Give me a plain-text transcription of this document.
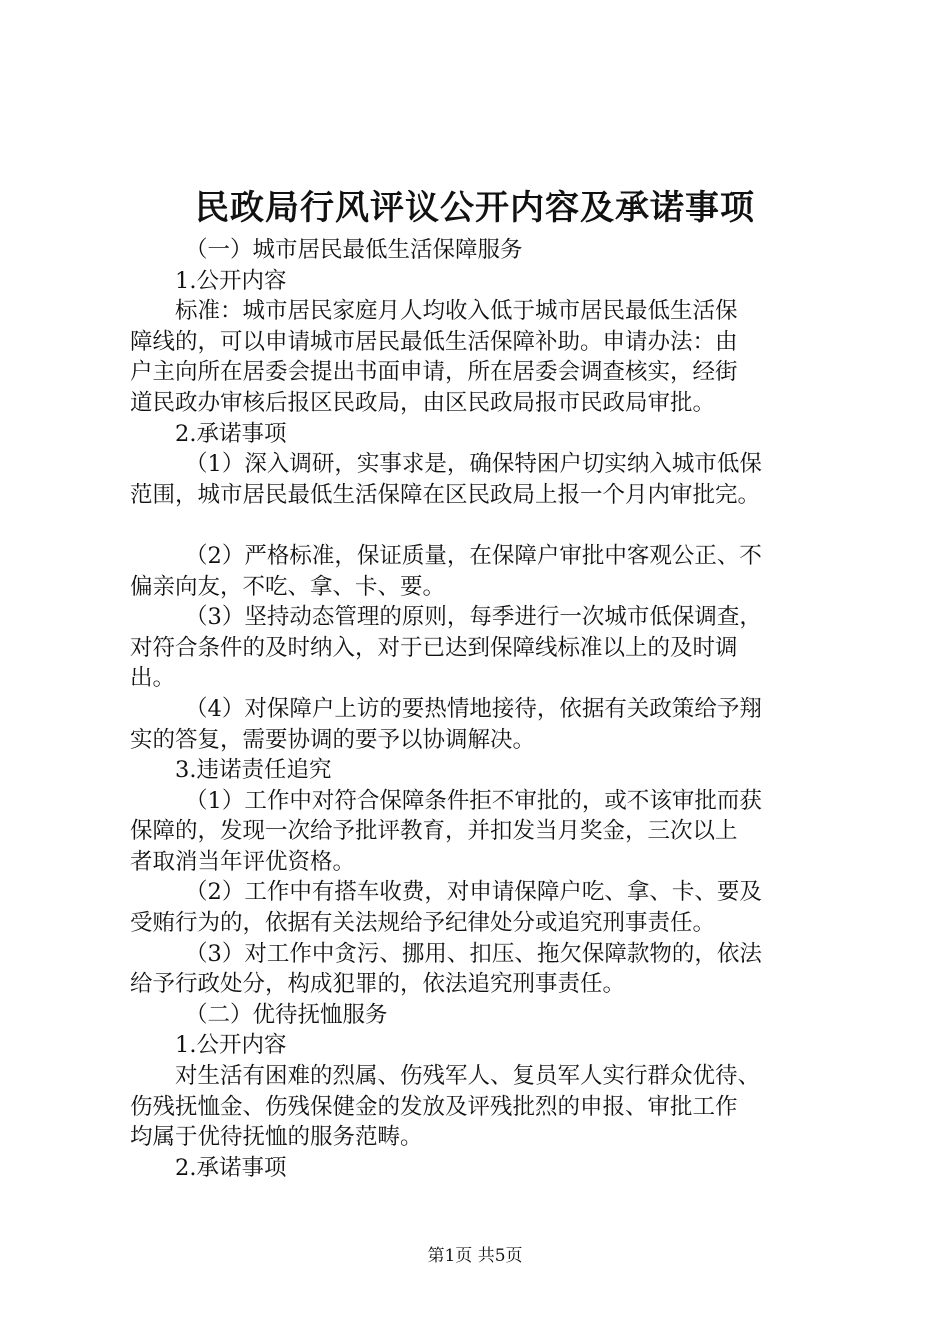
民政局行风评议公开内容及承诺事项

（一）城市居民最低生活保障服务

1.公开内容

标准：城市居民家庭月人均收入低于城市居民最低生活保

障线的，可以申请城市居民最低生活保障补助。申请办法：由

户主向所在居委会提出书面申请，所在居委会调查核实，经街

道民政办审核后报区民政局，由区民政局报市民政局审批。

2.承诺事项

（1）深入调研，实事求是，确保特困户切实纳入城市低保

范围，城市居民最低生活保障在区民政局上报一个月内审批完。

（2）严格标准，保证质量，在保障户审批中客观公正、不

偏亲向友，不吃、拿、卡、要。

（3）坚持动态管理的原则，每季进行一次城市低保调查，

对符合条件的及时纳入，对于已达到保障线标准以上的及时调

出。

（4）对保障户上访的要热情地接待，依据有关政策给予翔

实的答复，需要协调的要予以协调解决。

3.违诺责任追究

（1）工作中对符合保障条件拒不审批的，或不该审批而获

保障的，发现一次给予批评教育，并扣发当月奖金，三次以上

者取消当年评优资格。

（2）工作中有搭车收费，对申请保障户吃、拿、卡、要及

受贿行为的，依据有关法规给予纪律处分或追究刑事责任。

（3）对工作中贪污、挪用、扣压、拖欠保障款物的，依法

给予行政处分，构成犯罪的，依法追究刑事责任。

（二）优待抚恤服务

1.公开内容

对生活有困难的烈属、伤残军人、复员军人实行群众优待、

伤残抚恤金、伤残保健金的发放及评残批烈的申报、审批工作

均属于优待抚恤的服务范畴。

2.承诺事项

第1页 共5页
